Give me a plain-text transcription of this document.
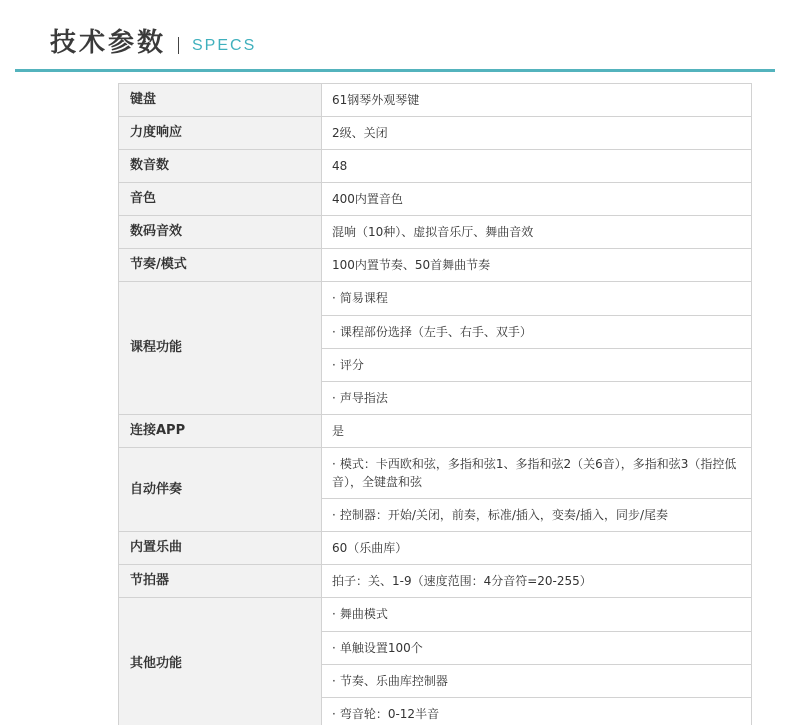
技术参数 SPECS
键盘	61钢琴外观琴键
力度响应	2级、关闭
数音数	48
音色	400内置音色
数码音效	混响（10种）、虚拟音乐厅、舞曲音效
节奏/模式	100内置节奏、50首舞曲节奏
课程功能	· 简易课程
· 课程部份选择（左手、右手、双手）
· 评分
· 声导指法

连接APP	是
自动伴奏	· 模式：卡西欧和弦，多指和弦1、多指和弦2（关6音），多指和弦3（指控低音），全键盘和弦
· 控制器：开始/关闭，前奏，标准/插入，变奏/插入，同步/尾奏

内置乐曲	60（乐曲库）
节拍器	拍子：关、1-9（速度范围：4分音符=20-255）
其他功能	· 舞曲模式
· 单触设置100个
· 节奏、乐曲库控制器
· 弯音轮：0-12半音
